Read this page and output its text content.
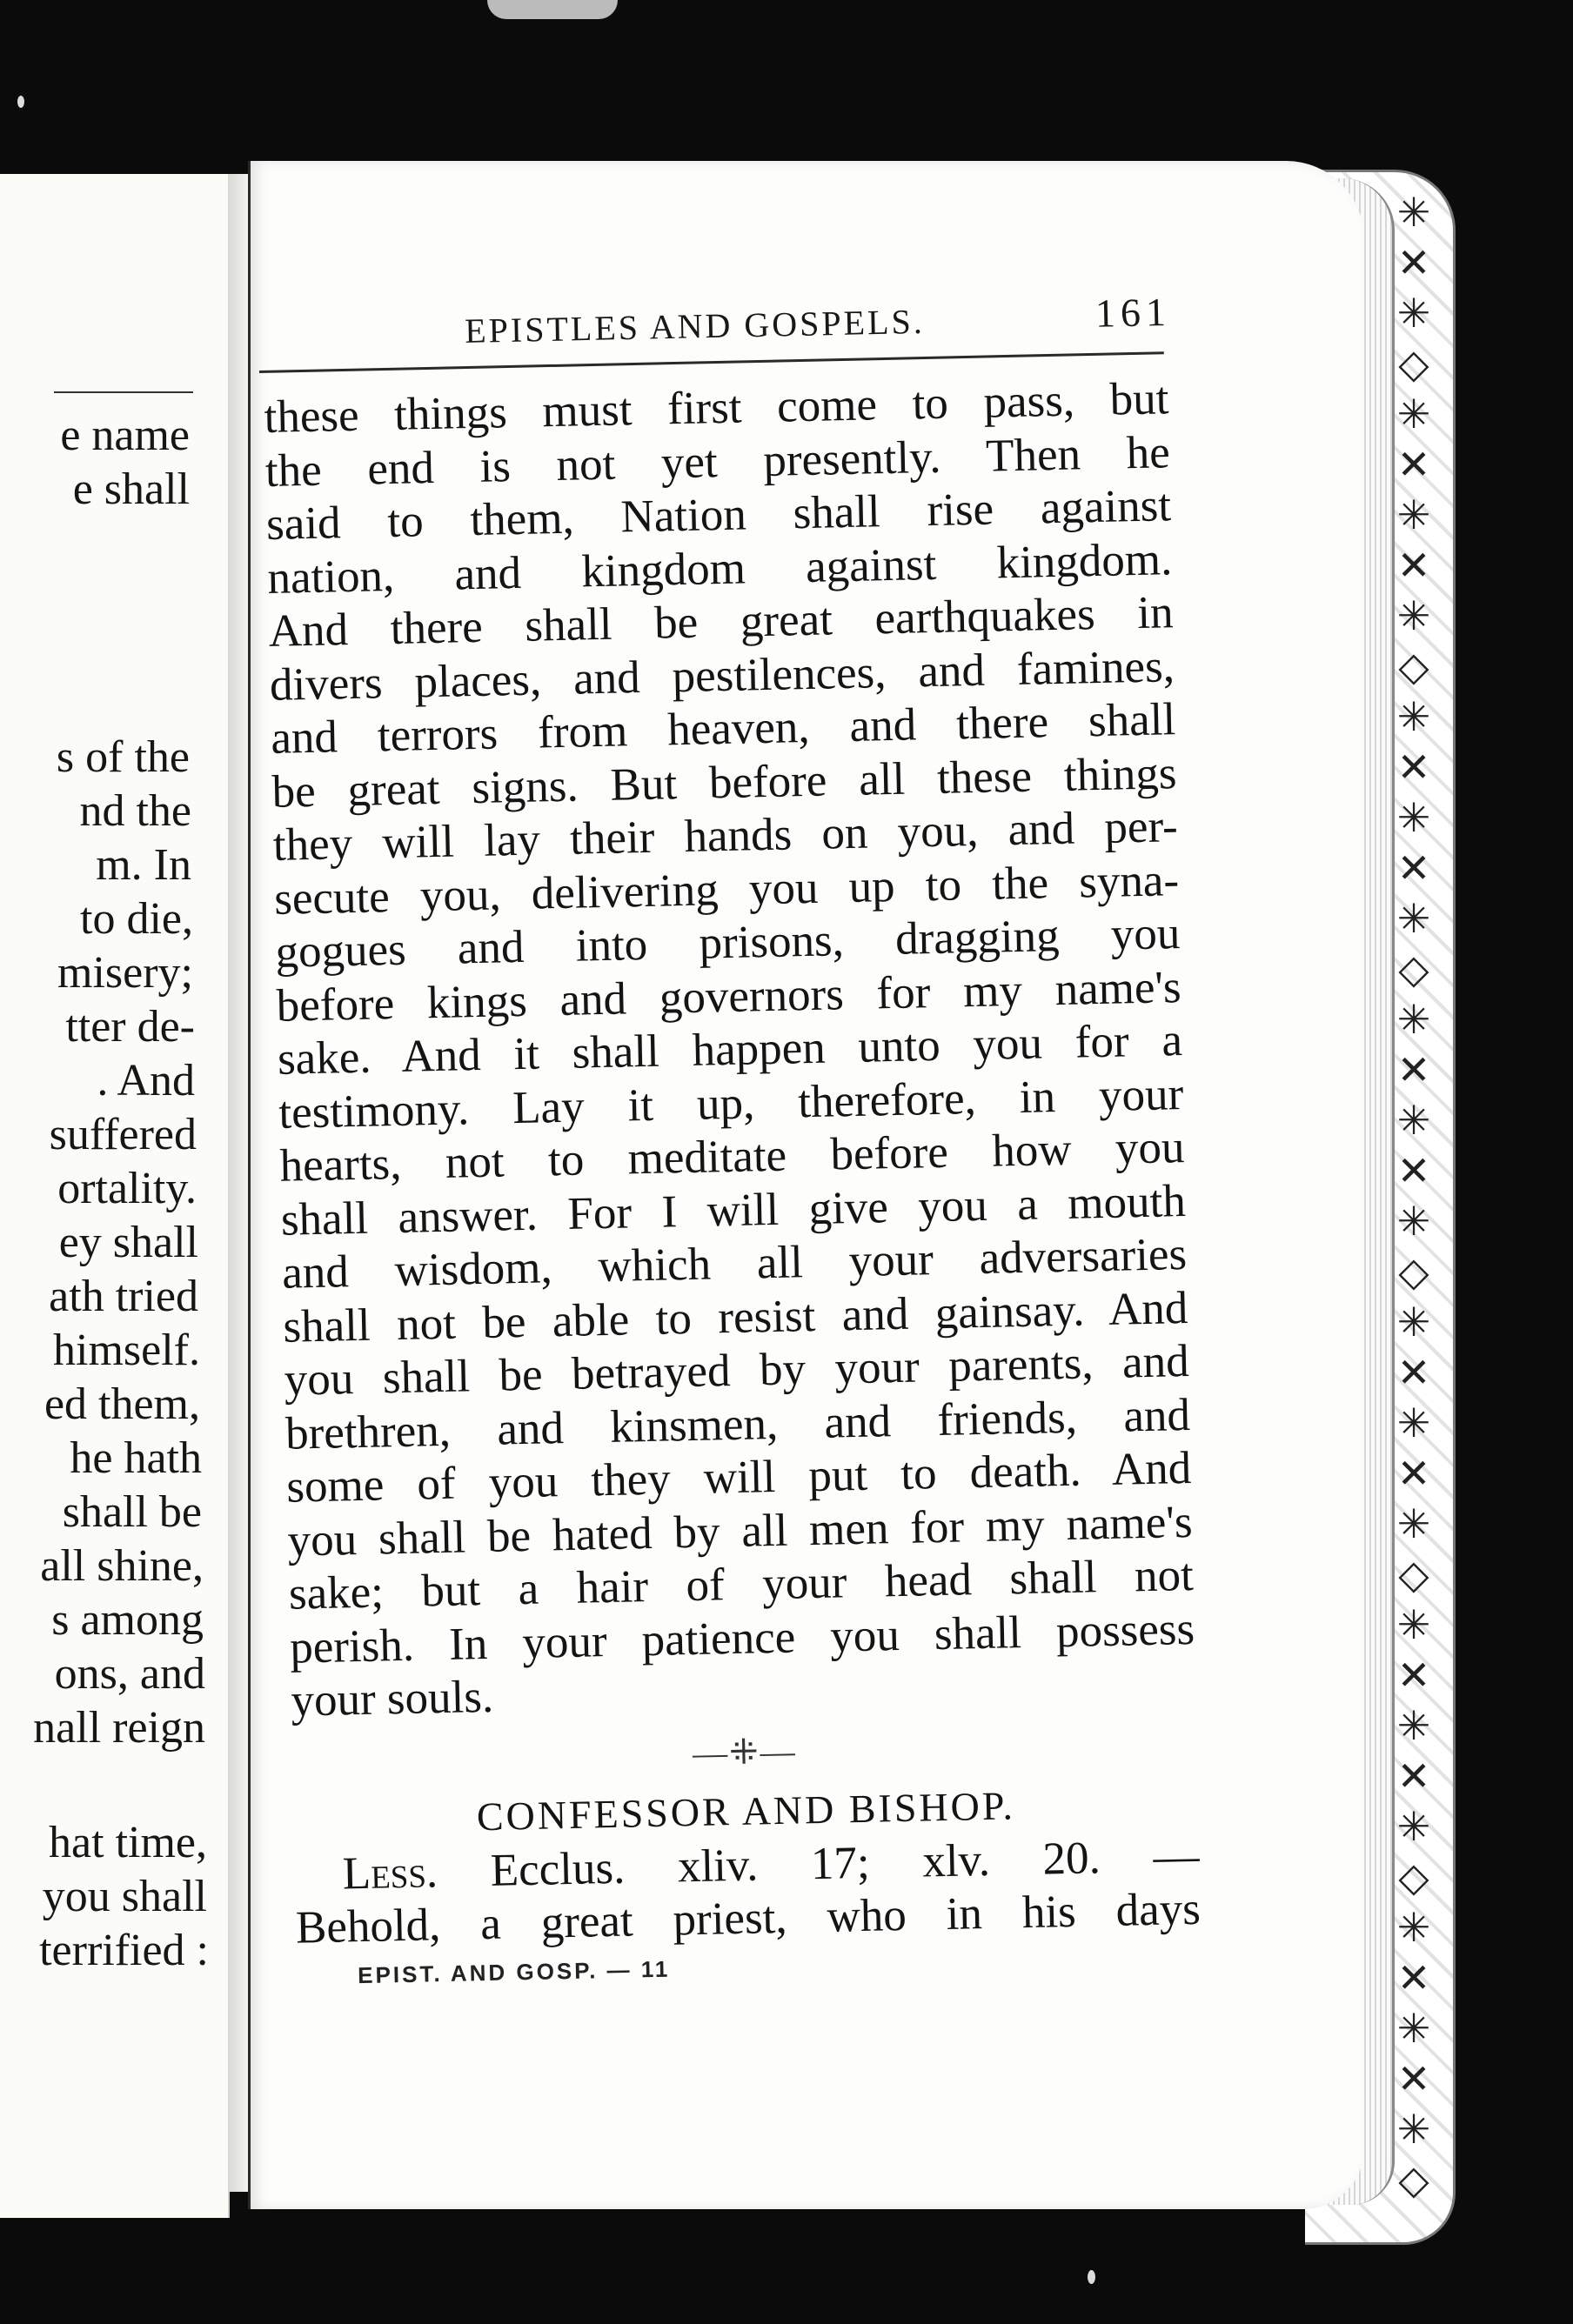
e name
e shall
s of the
nd the
m. In
to die,
misery;
tter de-
. And
suffered
ortality.
ey shall
ath tried
himself.
ed them,
he hath
shall be
all shine,
s among
ons, and
nall reign
hat time,
you shall
terrified :
✳
✕
✳
◇
✳
✕
✳
✕
✳
◇
✳
✕
✳
✕
✳
◇
✳
✕
✳
✕
✳
◇
✳
✕
✳
✕
✳
◇
✳
✕
✳
✕
✳
◇
✳
✕
✳
✕
✳
◇
EPISTLES AND GOSPELS.	161
these things must first come to pass, but
the end is not yet presently. Then he
said to them, Nation shall rise against
nation, and kingdom against kingdom.
And there shall be great earthquakes in
divers places, and pestilences, and famines,
and terrors from heaven, and there shall
be great signs. But before all these things
they will lay their hands on you, and per-
secute you, delivering you up to the syna-
gogues and into prisons, dragging you
before kings and governors for my name's
sake. And it shall happen unto you for a
testimony. Lay it up, therefore, in your
hearts, not to meditate before how you
shall answer. For I will give you a mouth
and wisdom, which all your adversaries
shall not be able to resist and gainsay. And
you shall be betrayed by your parents, and
brethren, and kinsmen, and friends, and
some of you they will put to death. And
you shall be hated by all men for my name's
sake; but a hair of your head shall not
perish. In your patience you shall possess
your souls.
—⁜—
CONFESSOR AND BISHOP.
Less. Ecclus. xliv. 17; xlv. 20. —
Behold, a great priest, who in his days
EPIST. AND GOSP. — 11
